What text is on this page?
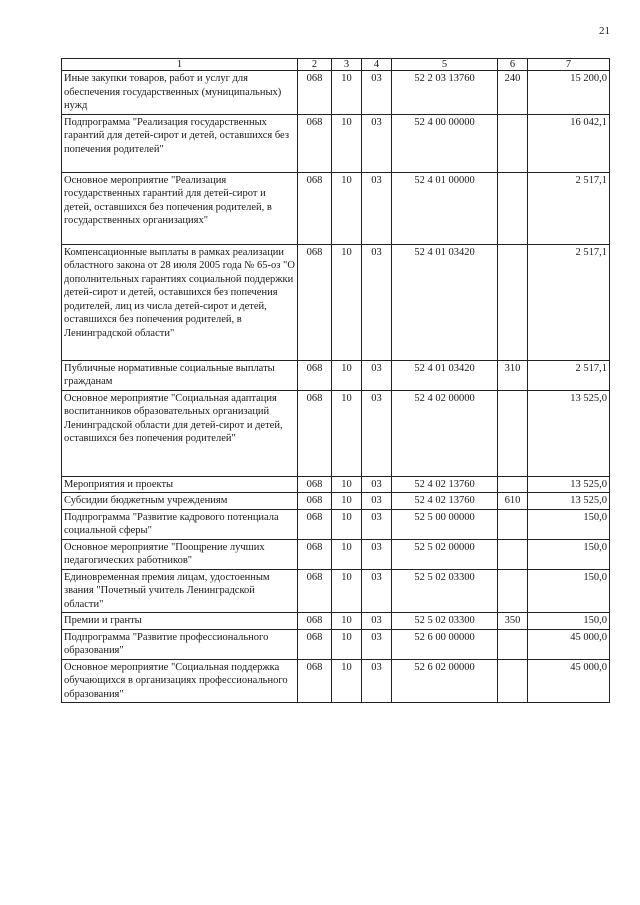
21
1	2	3	4	5	6	7
Иные закупки товаров, работ и услуг для обеспечения государственных (муниципальных) нужд	068	10	03	52 2 03 13760	240	15 200,0
Подпрограмма "Реализация государственных гарантий для детей-сирот и детей, оставшихся без попечения родителей"	068	10	03	52 4 00 00000		16 042,1
Основное мероприятие "Реализация государственных гарантий для детей-сирот и детей, оставшихся без попечения родителей, в государственных организациях"	068	10	03	52 4 01 00000		2 517,1
Компенсационные выплаты в рамках реализации областного закона от 28 июля 2005 года № 65-оз "О дополнительных гарантиях социальной поддержки детей-сирот и детей, оставшихся без попечения родителей, лиц из числа детей-сирот и детей, оставшихся без попечения родителей, в Ленинградской области"	068	10	03	52 4 01 03420		2 517,1
Публичные нормативные социальные выплаты гражданам	068	10	03	52 4 01 03420	310	2 517,1
Основное мероприятие "Социальная адаптация воспитанников образовательных организаций Ленинградской области для детей-сирот и детей, оставшихся без попечения родителей"	068	10	03	52 4 02 00000		13 525,0
Мероприятия и проекты	068	10	03	52 4 02 13760		13 525,0
Субсидии бюджетным учреждениям	068	10	03	52 4 02 13760	610	13 525,0
Подпрограмма "Развитие кадрового потенциала социальной сферы"	068	10	03	52 5 00 00000		150,0
Основное мероприятие "Поощрение лучших педагогических работников"	068	10	03	52 5 02 00000		150,0
Единовременная премия лицам, удостоенным звания "Почетный учитель Ленинградской области"	068	10	03	52 5 02 03300		150,0
Премии и гранты	068	10	03	52 5 02 03300	350	150,0
Подпрограмма "Развитие профессионального образования"	068	10	03	52 6 00 00000		45 000,0
Основное мероприятие "Социальная поддержка обучающихся в организациях профессионального образования"	068	10	03	52 6 02 00000		45 000,0
